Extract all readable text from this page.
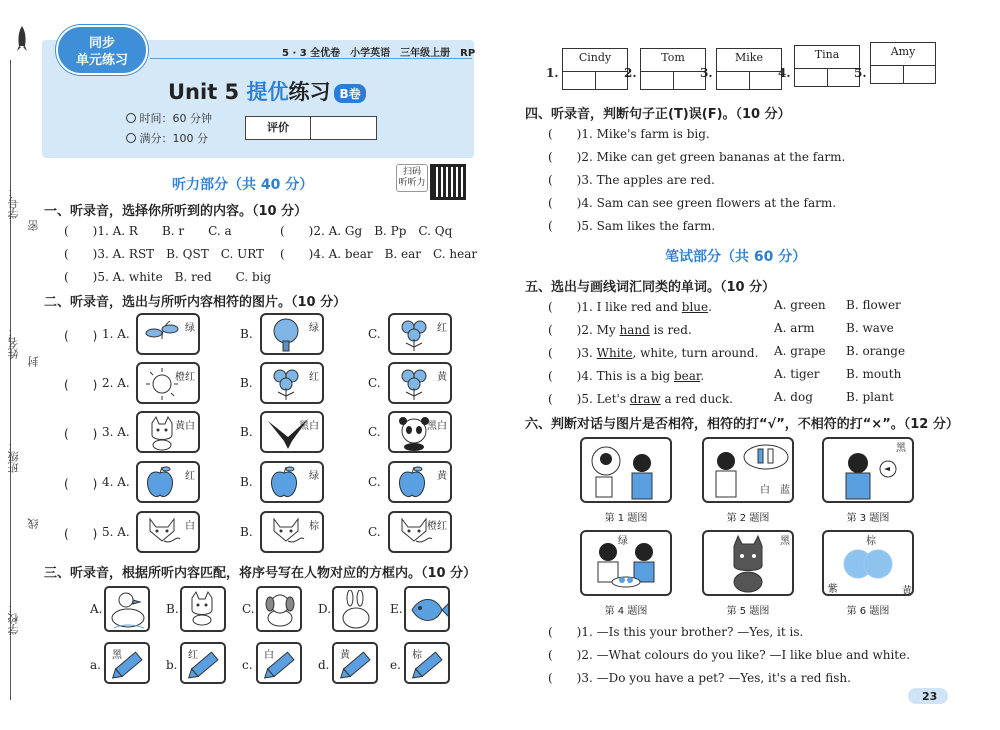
学号：
密
姓名：
封
班级：
线
学校：
同步
单元练习	5 · 3 全优卷　小学英语　三年级上册　RP
Unit 5 提优练习 B卷
时间：60 分钟
满分：100 分
评价
听力部分（共 40 分）
扫码
听听力
一、听录音，选择你所听到的内容。（10 分）
(　　)1. A. R　　B. r　　C. a	(　　)2. A. Gg　B. Pp　C. Qq
(　　)3. A. RST　B. QST　C. URT (　　)4. A. bear　B. ear　C. hear
(　　)5. A. white　B. red　　C. big
二、听录音，选出与所听内容相符的图片。（10 分）
(　　) 1. A.	绿	B.	绿	C.	红
(　　) 2. A.	橙红	B.	红	C.	黄
(　　) 3. A.	黄白	B.	黑白	C.	黑白
(　　) 4. A.	红	B.	绿	C.	黄
(　　) 5. A.	白	B.	棕	C.	橙红
三、听录音，根据所听内容匹配，将序号写在人物对应的方框内。（10 分）
A.	B.	C.	D.	E.
a.
黑
b.
红
c.
白
d.
黄
e.
棕
1.
Cindy
2.
Tom
3.
Mike
4.
Tina
5.
Amy
四、听录音，判断句子正(T)误(F)。（10 分）
(　　)1. Mike's farm is big.
(　　)2. Mike can get green bananas at the farm.
(　　)3. The apples are red.
(　　)4. Sam can see green flowers at the farm.
(　　)5. Sam likes the farm.
笔试部分（共 60 分）
五、选出与画线词汇同类的单词。（10 分）
(　　)1. I like red and blue.	A. green B. flower
(　　)2. My hand is red.	A. arm	B. wave
(　　)3. White, white, turn around. A. grape B. orange
(　　)4. This is a big bear.	A. tiger B. mouth
(　　)5. Let's draw a red duck.	A. dog	B. plant
六、判断对话与图片是否相符，相符的打“√”，不相符的打“×”。（12 分）
第 1 题图	第 2 题图	第 3 题图
第 4 题图	第 5 题图	第 6 题图
白 蓝
黑
绿	黑	棕
紫	黄
(　　)1. —Is this your brother? —Yes, it is.
(　　)2. —What colours do you like? —I like blue and white.
(　　)3. —Do you have a pet? —Yes, it's a red fish.
23
